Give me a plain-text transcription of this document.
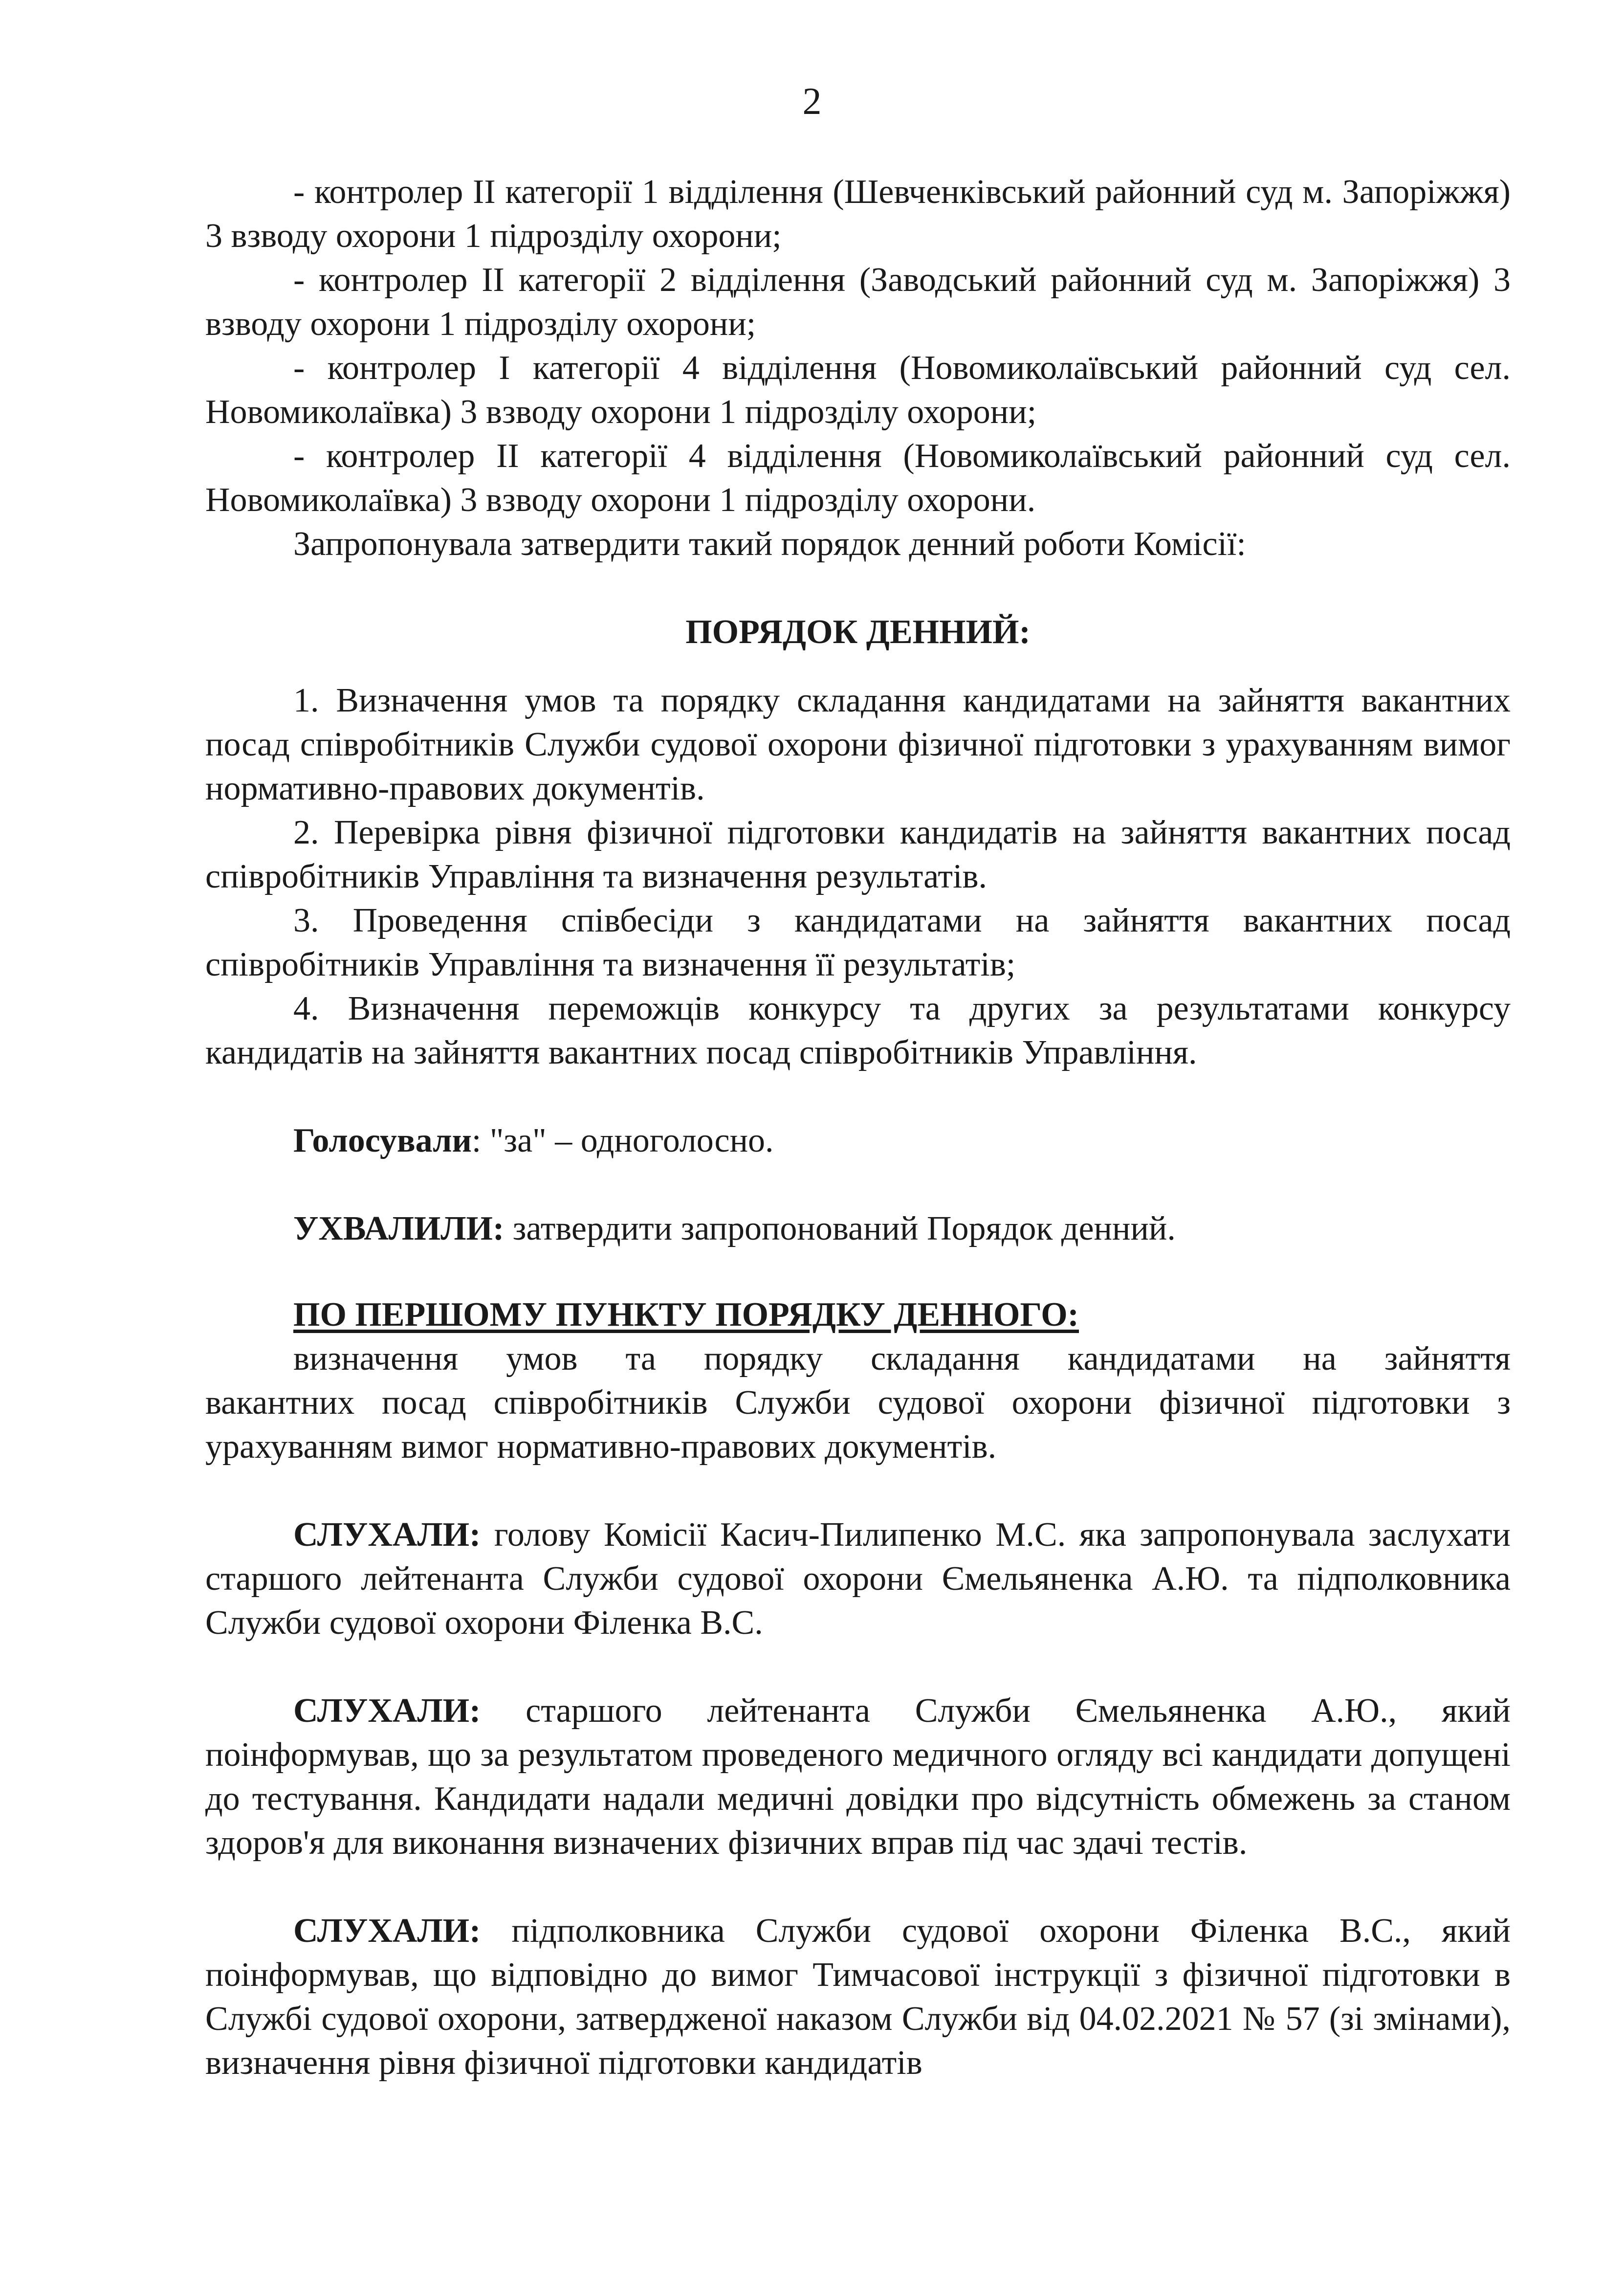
2

- контролер ІІ категорії 1 відділення (Шевченківський районний суд м. Запоріжжя) 3 взводу охорони 1 підрозділу охорони;

- контролер ІІ категорії 2 відділення (Заводський районний суд м. Запоріжжя) 3 взводу охорони 1 підрозділу охорони;

- контролер І категорії 4 відділення (Новомиколаївський районний суд сел. Новомиколаївка) 3 взводу охорони 1 підрозділу охорони;

- контролер ІІ категорії 4 відділення (Новомиколаївський районний суд сел. Новомиколаївка) 3 взводу охорони 1 підрозділу охорони.

Запропонувала затвердити такий порядок денний роботи Комісії:

ПОРЯДОК ДЕННИЙ:

1. Визначення умов та порядку складання кандидатами на зайняття вакантних посад співробітників Служби судової охорони фізичної підготовки з урахуванням вимог нормативно-правових документів.

2. Перевірка рівня фізичної підготовки кандидатів на зайняття вакантних посад співробітників Управління та визначення результатів.

3. Проведення співбесіди з кандидатами на зайняття вакантних посад співробітників Управління та визначення її результатів;

4. Визначення переможців конкурсу та других за результатами конкурсу кандидатів на зайняття вакантних посад співробітників Управління.

Голосували: "за" – одноголосно.

УХВАЛИЛИ: затвердити запропонований Порядок денний.

ПО ПЕРШОМУ ПУНКТУ ПОРЯДКУ ДЕННОГО:

визначення умов та порядку складання кандидатами на зайняття
вакантних посад співробітників Служби судової охорони фізичної підготовки з урахуванням вимог нормативно-правових документів.

СЛУХАЛИ: голову Комісії Касич-Пилипенко М.С. яка запропонувала заслухати старшого лейтенанта Служби судової охорони Ємельяненка А.Ю. та підполковника Служби судової охорони Філенка В.С.

СЛУХАЛИ: старшого лейтенанта Служби Ємельяненка А.Ю., який поінформував, що за результатом проведеного медичного огляду всі кандидати допущені до тестування. Кандидати надали медичні довідки про відсутність обмежень за станом здоров'я для виконання визначених фізичних вправ під час здачі тестів.

СЛУХАЛИ: підполковника Служби судової охорони Філенка В.С., який поінформував, що відповідно до вимог Тимчасової інструкції з фізичної підготовки в Службі судової охорони, затвердженої наказом Служби від 04.02.2021 № 57 (зі змінами), визначення рівня фізичної підготовки кандидатів
